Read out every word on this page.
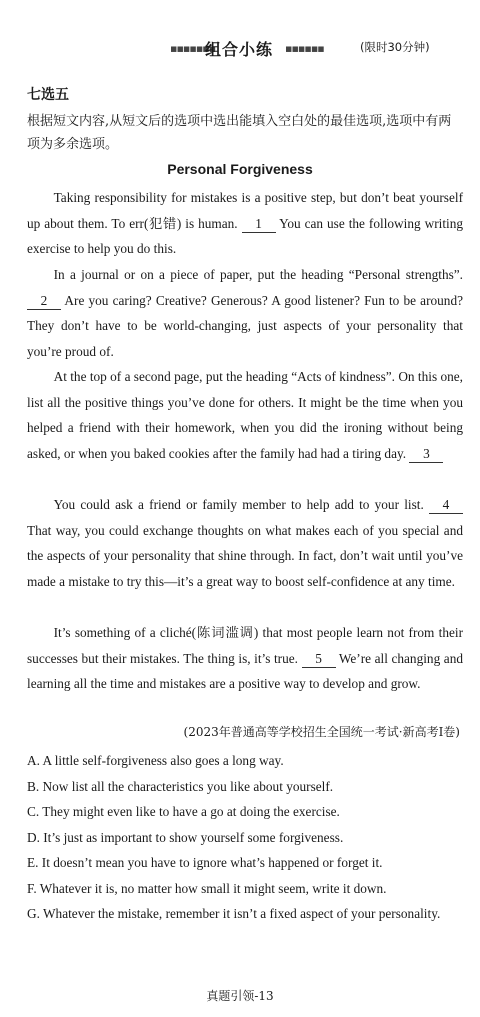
▪▪▪▪▪▪▪
组合小练 ▪▪▪▪▪▪	(限时30分钟)
七选五
根据短文内容,从短文后的选项中选出能填入空白处的最佳选项,选项中有两项为多余选项。
Personal Forgiveness
Taking responsibility for mistakes is a positive step, but don’t beat yourself up about them. To err(犯错) is human. 1 You can use the following writing exercise to help you do this.
In a journal or on a piece of paper, put the heading “Personal strengths”. 2 Are you caring? Creative? Generous? A good listener? Fun to be around? They don’t have to be world-changing, just aspects of your personality that you’re proud of.
At the top of a second page, put the heading “Acts of kindness”. On this one, list all the positive things you’ve done for others. It might be the time when you helped a friend with their homework, when you did the ironing without being asked, or when you baked cookies after the family had had a tiring day. 3
You could ask a friend or family member to help add to your list. 4 That way, you could exchange thoughts on what makes each of you special and the aspects of your personality that shine through. In fact, don’t wait until you’ve made a mistake to try this—it’s a great way to boost self-confidence at any time.
It’s something of a cliché(陈词滥调) that most people learn not from their successes but their mistakes. The thing is, it’s true. 5 We’re all changing and learning all the time and mistakes are a positive way to develop and grow.
(2023年普通高等学校招生全国统一考试·新高考Ⅰ卷)
A. A little self-forgiveness also goes a long way.
B. Now list all the characteristics you like about yourself.
C. They might even like to have a go at doing the exercise.
D. It’s just as important to show yourself some forgiveness.
E. It doesn’t mean you have to ignore what’s happened or forget it.
F. Whatever it is, no matter how small it might seem, write it down.
G. Whatever the mistake, remember it isn’t a fixed aspect of your personality.
真题引领-13
